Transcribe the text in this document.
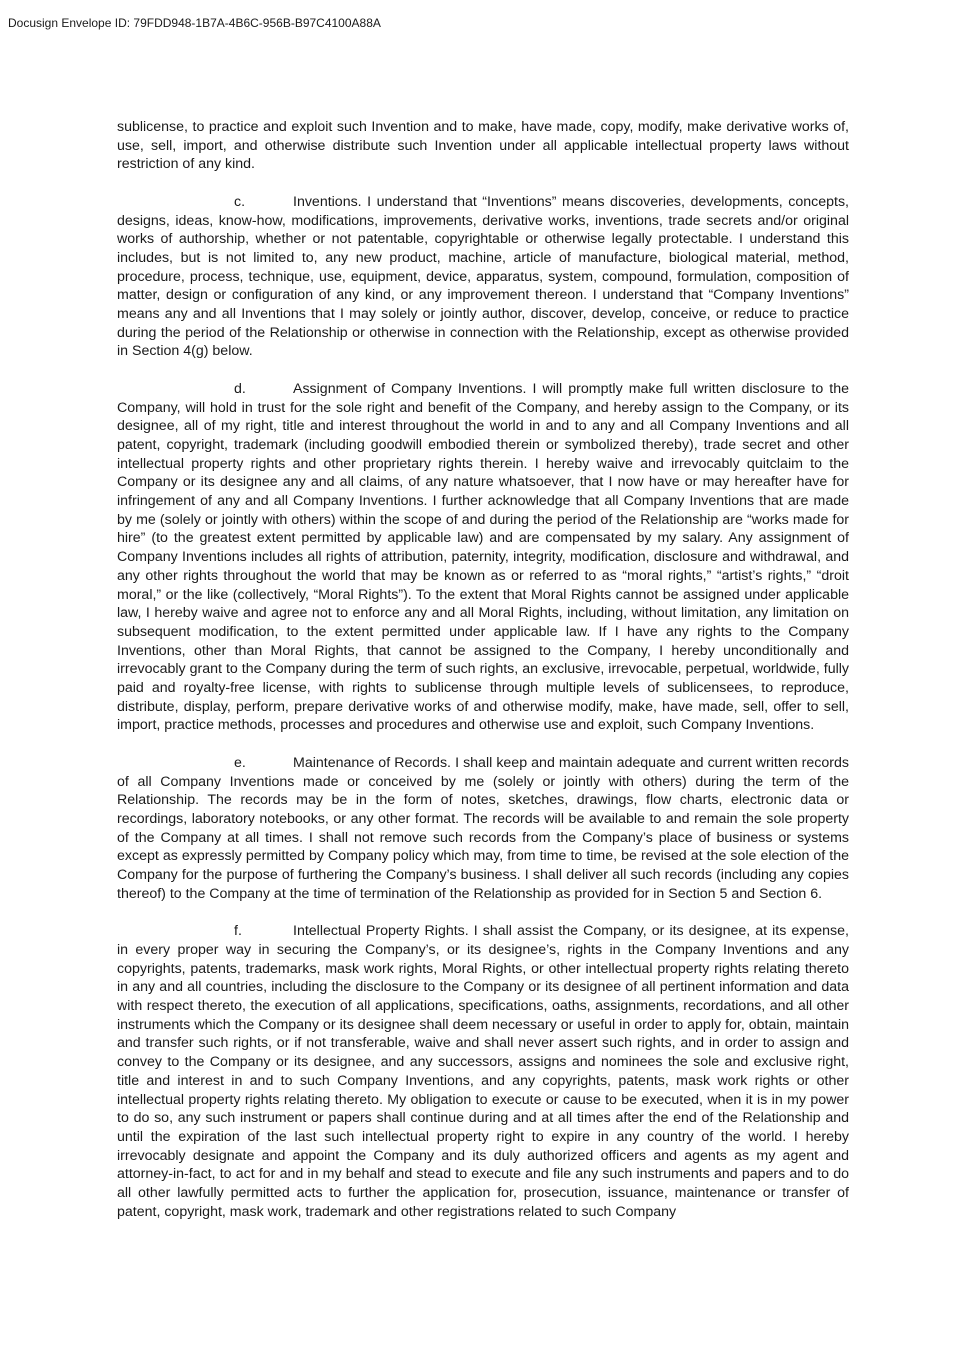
Docusign Envelope ID: 79FDD948-1B7A-4B6C-956B-B97C4100A88A

sublicense, to practice and exploit such Invention and to make, have made, copy, modify, make derivative works of, use, sell, import, and otherwise distribute such Invention under all applicable intellectual property laws without restriction of any kind.

c.	Inventions. I understand that “Inventions” means discoveries, developments, concepts, designs, ideas, know-how, modifications, improvements, derivative works, inventions, trade secrets and/or original works of authorship, whether or not patentable, copyrightable or otherwise legally protectable. I understand this includes, but is not limited to, any new product, machine, article of manufacture, biological material, method, procedure, process, technique, use, equipment, device, apparatus, system, compound, formulation, composition of matter, design or configuration of any kind, or any improvement thereon. I understand that “Company Inventions” means any and all Inventions that I may solely or jointly author, discover, develop, conceive, or reduce to practice during the period of the Relationship or otherwise in connection with the Relationship, except as otherwise provided in Section 4(g) below.

d.	Assignment of Company Inventions. I will promptly make full written disclosure to the Company, will hold in trust for the sole right and benefit of the Company, and hereby assign to the Company, or its designee, all of my right, title and interest throughout the world in and to any and all Company Inventions and all patent, copyright, trademark (including goodwill embodied therein or symbolized thereby), trade secret and other intellectual property rights and other proprietary rights therein. I hereby waive and irrevocably quitclaim to the Company or its designee any and all claims, of any nature whatsoever, that I now have or may hereafter have for infringement of any and all Company Inventions. I further acknowledge that all Company Inventions that are made by me (solely or jointly with others) within the scope of and during the period of the Relationship are “works made for hire” (to the greatest extent permitted by applicable law) and are compensated by my salary. Any assignment of Company Inventions includes all rights of attribution, paternity, integrity, modification, disclosure and withdrawal, and any other rights throughout the world that may be known as or referred to as “moral rights,” “artist’s rights,” “droit moral,” or the like (collectively, “Moral Rights”). To the extent that Moral Rights cannot be assigned under applicable law, I hereby waive and agree not to enforce any and all Moral Rights, including, without limitation, any limitation on subsequent modification, to the extent permitted under applicable law. If I have any rights to the Company Inventions, other than Moral Rights, that cannot be assigned to the Company, I hereby unconditionally and irrevocably grant to the Company during the term of such rights, an exclusive, irrevocable, perpetual, worldwide, fully paid and royalty-free license, with rights to sublicense through multiple levels of sublicensees, to reproduce, distribute, display, perform, prepare derivative works of and otherwise modify, make, have made, sell, offer to sell, import, practice methods, processes and procedures and otherwise use and exploit, such Company Inventions.

e.	Maintenance of Records. I shall keep and maintain adequate and current written records of all Company Inventions made or conceived by me (solely or jointly with others) during the term of the Relationship. The records may be in the form of notes, sketches, drawings, flow charts, electronic data or recordings, laboratory notebooks, or any other format. The records will be available to and remain the sole property of the Company at all times. I shall not remove such records from the Company’s place of business or systems except as expressly permitted by Company policy which may, from time to time, be revised at the sole election of the Company for the purpose of furthering the Company’s business. I shall deliver all such records (including any copies thereof) to the Company at the time of termination of the Relationship as provided for in Section 5 and Section 6.

f.	Intellectual Property Rights. I shall assist the Company, or its designee, at its expense, in every proper way in securing the Company’s, or its designee’s, rights in the Company Inventions and any copyrights, patents, trademarks, mask work rights, Moral Rights, or other intellectual property rights relating thereto in any and all countries, including the disclosure to the Company or its designee of all pertinent information and data with respect thereto, the execution of all applications, specifications, oaths, assignments, recordations, and all other instruments which the Company or its designee shall deem necessary or useful in order to apply for, obtain, maintain and transfer such rights, or if not transferable, waive and shall never assert such rights, and in order to assign and convey to the Company or its designee, and any successors, assigns and nominees the sole and exclusive right, title and interest in and to such Company Inventions, and any copyrights, patents, mask work rights or other intellectual property rights relating thereto. My obligation to execute or cause to be executed, when it is in my power to do so, any such instrument or papers shall continue during and at all times after the end of the Relationship and until the expiration of the last such intellectual property right to expire in any country of the world. I hereby irrevocably designate and appoint the Company and its duly authorized officers and agents as my agent and attorney-in-fact, to act for and in my behalf and stead to execute and file any such instruments and papers and to do all other lawfully permitted acts to further the application for, prosecution, issuance, maintenance or transfer of patent, copyright, mask work, trademark and other registrations related to such Company
